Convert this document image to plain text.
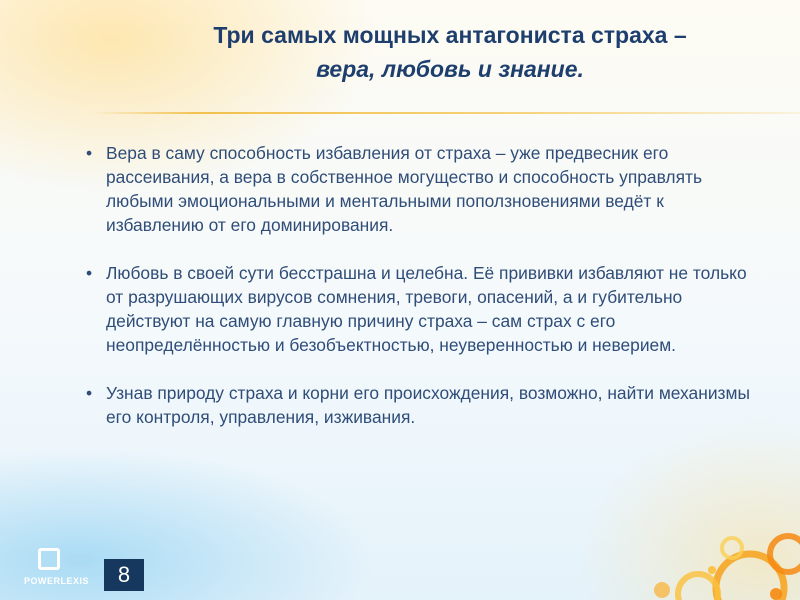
Три самых мощных антагониста страха –
вера, любовь и знание.
• Вера в саму способность избавления от страха – уже предвесник его рассеивания, а вера в собственное могущество и способность управлять любыми эмоциональными и ментальными поползновениями ведёт к избавлению от его доминирования.
• Любовь в своей сути бесстрашна и целебна. Её прививки избавляют не только от разрушающих вирусов сомнения, тревоги, опасений, а и губительно действуют на самую главную причину страха – сам страх с его неопределённостью и безобъектностью, неуверенностью и неверием.
• Узнав природу страха и корни его происхождения, возможно, найти механизмы его контроля, управления, изживания.
POWERLEXIS	8
